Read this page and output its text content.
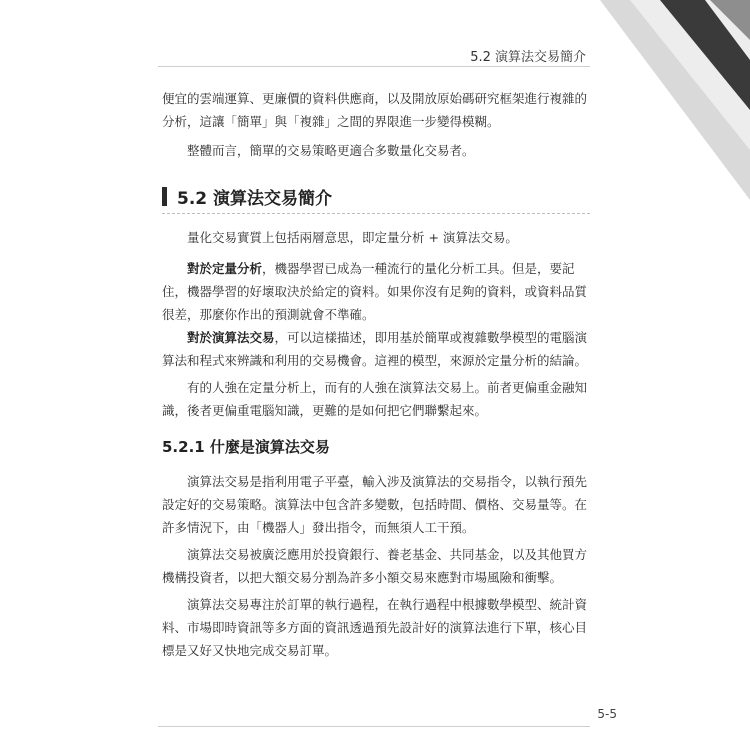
5.2 演算法交易簡介

便宜的雲端運算、更廉價的資料供應商，以及開放原始碼研究框架進行複雜的分析，這讓「簡單」與「複雜」之間的界限進一步變得模糊。

整體而言，簡單的交易策略更適合多數量化交易者。

5.2 演算法交易簡介

量化交易實質上包括兩層意思，即定量分析 + 演算法交易。

對於定量分析，機器學習已成為一種流行的量化分析工具。但是，要記住，機器學習的好壞取決於給定的資料。如果你沒有足夠的資料，或資料品質很差，那麼你作出的預測就會不準確。

對於演算法交易，可以這樣描述，即用基於簡單或複雜數學模型的電腦演算法和程式來辨識和利用的交易機會。這裡的模型，來源於定量分析的結論。

有的人強在定量分析上，而有的人強在演算法交易上。前者更偏重金融知識，後者更偏重電腦知識，更難的是如何把它們聯繫起來。

5.2.1 什麼是演算法交易

演算法交易是指利用電子平臺，輸入涉及演算法的交易指令，以執行預先設定好的交易策略。演算法中包含許多變數，包括時間、價格、交易量等。在許多情況下，由「機器人」發出指令，而無須人工干預。

演算法交易被廣泛應用於投資銀行、養老基金、共同基金，以及其他買方機構投資者，以把大額交易分割為許多小額交易來應對市場風險和衝擊。

演算法交易專注於訂單的執行過程，在執行過程中根據數學模型、統計資料、市場即時資訊等多方面的資訊透過預先設計好的演算法進行下單，核心目標是又好又快地完成交易訂單。

5-5
